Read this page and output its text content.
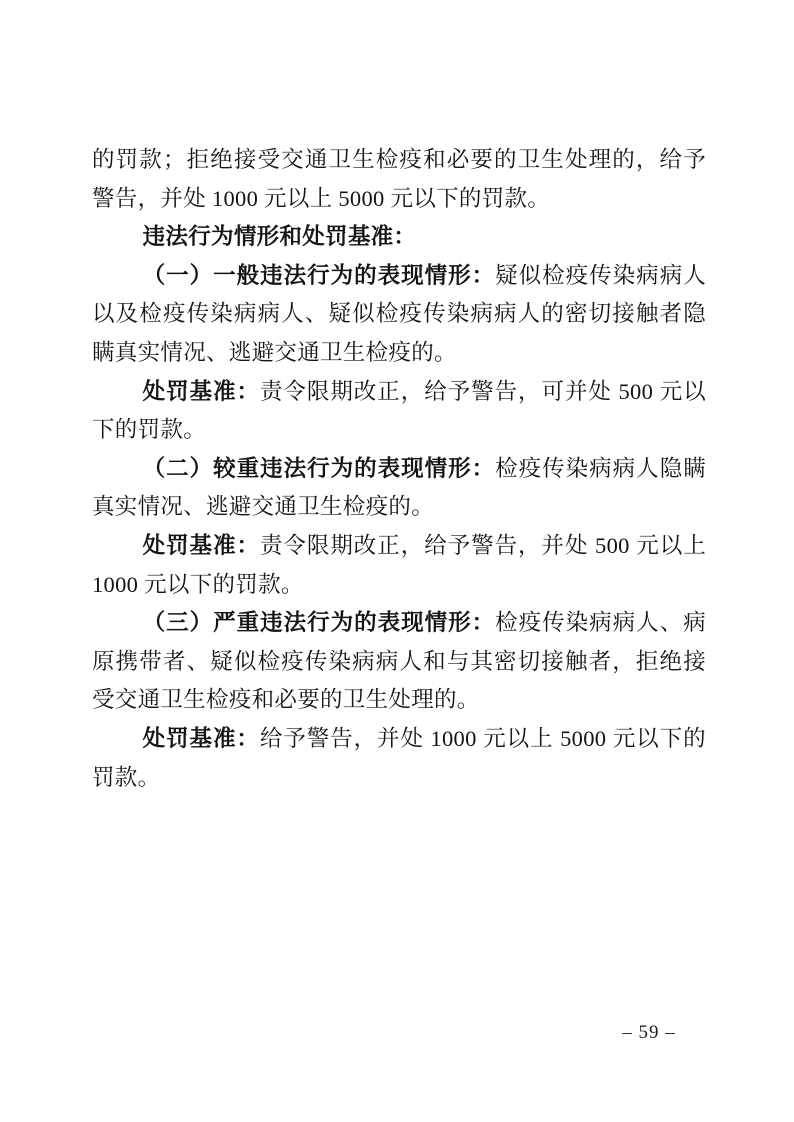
的罚款；拒绝接受交通卫生检疫和必要的卫生处理的，给予警告，并处 1000 元以上 5000 元以下的罚款。

违法行为情形和处罚基准：

（一）一般违法行为的表现情形：疑似检疫传染病病人以及检疫传染病病人、疑似检疫传染病病人的密切接触者隐瞒真实情况、逃避交通卫生检疫的。

处罚基准：责令限期改正，给予警告，可并处 500 元以下的罚款。

（二）较重违法行为的表现情形：检疫传染病病人隐瞒真实情况、逃避交通卫生检疫的。

处罚基准：责令限期改正，给予警告，并处 500 元以上 1000 元以下的罚款。

（三）严重违法行为的表现情形：检疫传染病病人、病原携带者、疑似检疫传染病病人和与其密切接触者，拒绝接受交通卫生检疫和必要的卫生处理的。

处罚基准：给予警告，并处 1000 元以上 5000 元以下的罚款。

– 59 –
